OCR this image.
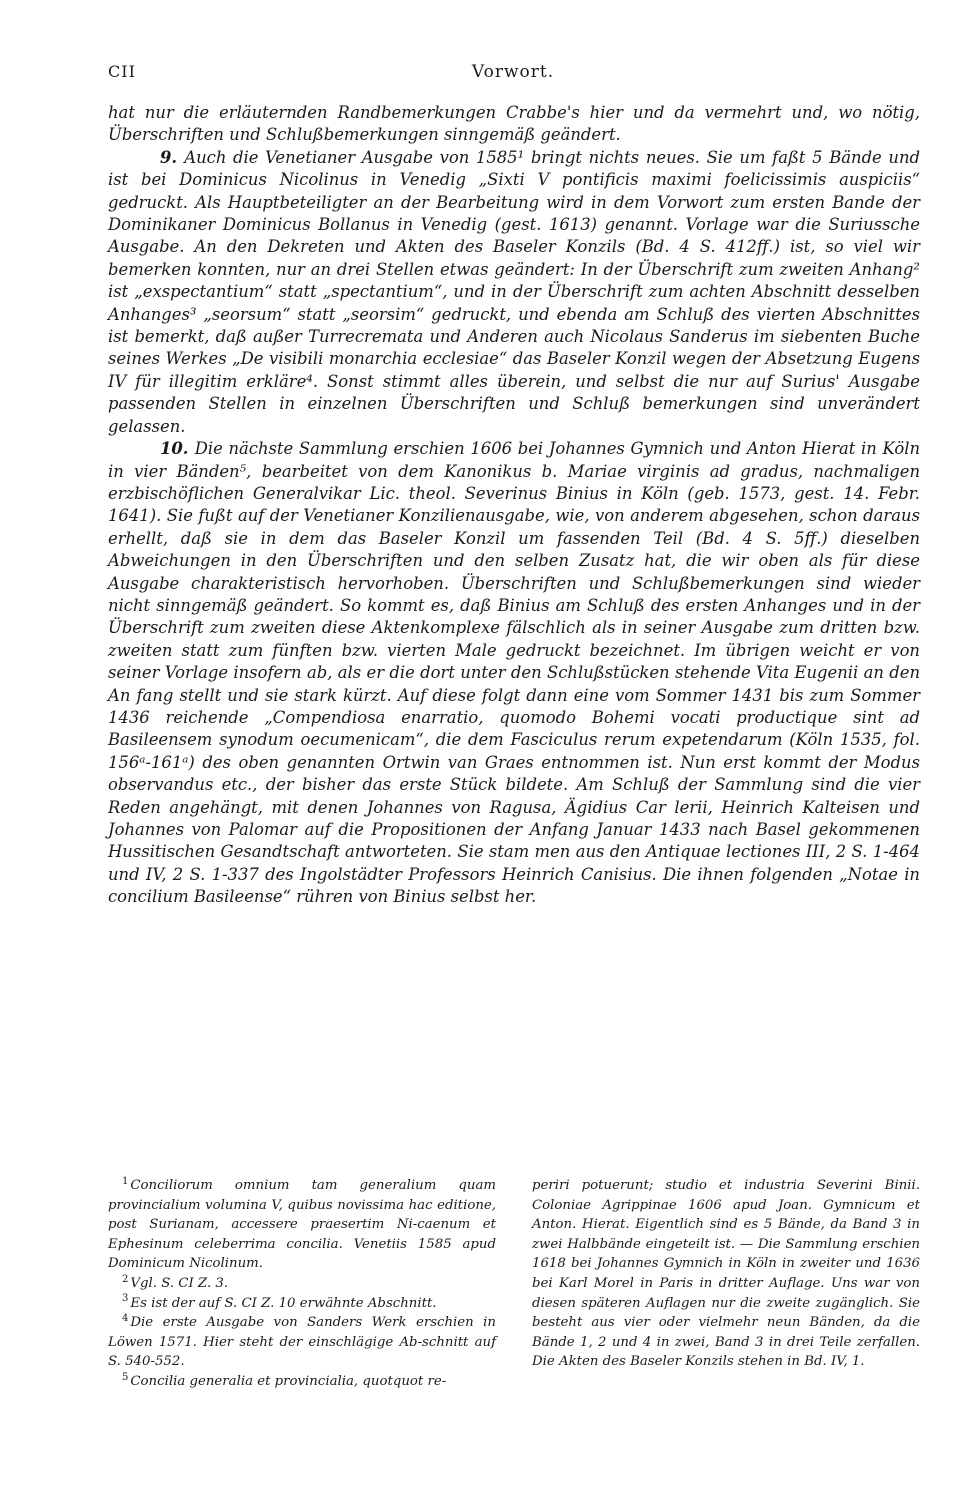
CII	Vorwort.

hat nur die erläuternden Randbemerkungen Crabbe's hier und da vermehrt und, wo nötig, Überschriften und Schlußbemerkungen sinngemäß geändert.

9. Auch die Venetianer Ausgabe von 1585¹ bringt nichts neues. Sie um faßt 5 Bände und ist bei Dominicus Nicolinus in Venedig „Sixti V pontificis maximi foelicissimis auspiciis“ gedruckt. Als Hauptbeteiligter an der Bearbeitung wird in dem Vorwort zum ersten Bande der Dominikaner Dominicus Bollanus in Venedig (gest. 1613) genannt. Vorlage war die Suriussche Ausgabe. An den Dekreten und Akten des Baseler Konzils (Bd. 4 S. 412ff.) ist, so viel wir bemerken konnten, nur an drei Stellen etwas geändert: In der Überschrift zum zweiten Anhang² ist „exspectantium“ statt „spectantium“, und in der Überschrift zum achten Abschnitt desselben Anhanges³ „seorsum“ statt „seorsim“ gedruckt, und ebenda am Schluß des vierten Abschnittes ist bemerkt, daß außer Turrecremata und Anderen auch Nicolaus Sanderus im siebenten Buche seines Werkes „De visibili monarchia ecclesiae“ das Baseler Konzil wegen der Absetzung Eugens IV für illegitim erkläre⁴. Sonst stimmt alles überein, und selbst die nur auf Surius' Ausgabe passenden Stellen in einzelnen Überschriften und Schluß bemerkungen sind unverändert gelassen.

10. Die nächste Sammlung erschien 1606 bei Johannes Gymnich und Anton Hierat in Köln in vier Bänden⁵, bearbeitet von dem Kanonikus b. Mariae virginis ad gradus, nachmaligen erzbischöflichen Generalvikar Lic. theol. Severinus Binius in Köln (geb. 1573, gest. 14. Febr. 1641). Sie fußt auf der Venetianer Konzilienausgabe, wie, von anderem abgesehen, schon daraus erhellt, daß sie in dem das Baseler Konzil um fassenden Teil (Bd. 4 S. 5ff.) dieselben Abweichungen in den Überschriften und den selben Zusatz hat, die wir oben als für diese Ausgabe charakteristisch hervorhoben. Überschriften und Schlußbemerkungen sind wieder nicht sinngemäß geändert. So kommt es, daß Binius am Schluß des ersten Anhanges und in der Überschrift zum zweiten diese Aktenkomplexe fälschlich als in seiner Ausgabe zum dritten bzw. zweiten statt zum fünften bzw. vierten Male gedruckt bezeichnet. Im übrigen weicht er von seiner Vorlage insofern ab, als er die dort unter den Schlußstücken stehende Vita Eugenii an den An fang stellt und sie stark kürzt. Auf diese folgt dann eine vom Sommer 1431 bis zum Sommer 1436 reichende „Compendiosa enarratio, quomodo Bohemi vocati productique sint ad Basileensem synodum oecumenicam“, die dem Fasciculus rerum expetendarum (Köln 1535, fol. 156ᵃ-161ᵃ) des oben genannten Ortwin van Graes entnommen ist. Nun erst kommt der Modus observandus etc., der bisher das erste Stück bildete. Am Schluß der Sammlung sind die vier Reden angehängt, mit denen Johannes von Ragusa, Ägidius Car lerii, Heinrich Kalteisen und Johannes von Palomar auf die Propositionen der Anfang Januar 1433 nach Basel gekommenen Hussitischen Gesandtschaft antworteten. Sie stam men aus den Antiquae lectiones III, 2 S. 1-464 und IV, 2 S. 1-337 des Ingolstädter Professors Heinrich Canisius. Die ihnen folgenden „Notae in concilium Basileense“ rühren von Binius selbst her.

$^1$ Conciliorum omnium tam generalium quam provincialium volumina V, quibus novissima hac editione, post Surianam, accessere praesertim Ni-caenum et Ephesinum celeberrima concilia. Venetiis 1585 apud Dominicum Nicolinum.

$^2$ Vgl. S. CI Z. 3.

$^3$ Es ist der auf S. CI Z. 10 erwähnte Abschnitt.

$^4$ Die erste Ausgabe von Sanders Werk erschien in Löwen 1571. Hier steht der einschlägige Ab-schnitt auf S. 540-552.

$^5$ Concilia generalia et provincialia, quotquot re-

periri potuerunt; studio et industria Severini Binii. Coloniae Agrippinae 1606 apud Joan. Gymnicum et Anton. Hierat. Eigentlich sind es 5 Bände, da Band 3 in zwei Halbbände eingeteilt ist. — Die Sammlung erschien 1618 bei Johannes Gymnich in Köln in zweiter und 1636 bei Karl Morel in Paris in dritter Auflage. Uns war von diesen späteren Auflagen nur die zweite zugänglich. Sie besteht aus vier oder vielmehr neun Bänden, da die Bände 1, 2 und 4 in zwei, Band 3 in drei Teile zerfallen. Die Akten des Baseler Konzils stehen in Bd. IV, 1.
